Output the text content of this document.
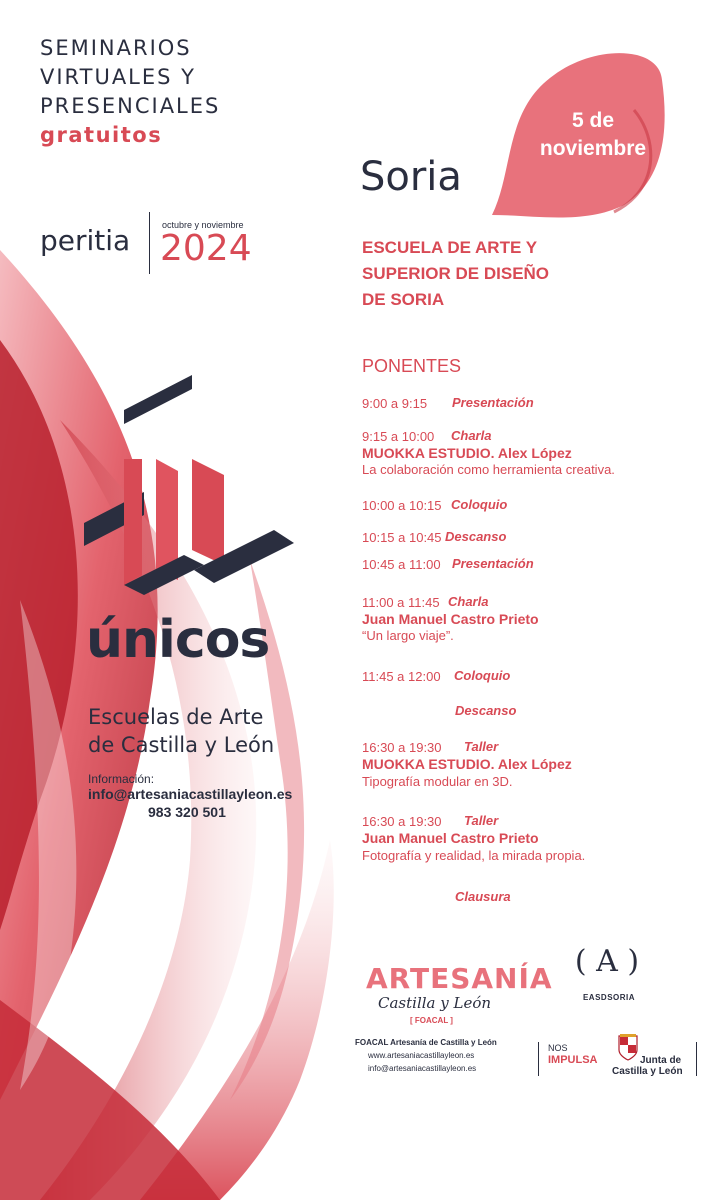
SEMINARIOS
VIRTUALES Y
PRESENCIALES
gratuitos
peritia	octubre y noviembre
2024
5 de noviembre
Soria
ESCUELA DE ARTE Y
SUPERIOR DE DISEÑO
DE SORIA
PONENTES
9:00 a 9:15 Presentación
9:15 a 10:00 Charla
MUOKKA ESTUDIO. Alex López
La colaboración como herramienta creativa.
10:00 a 10:15 Coloquio
10:15 a 10:45 Descanso
10:45 a 11:00 Presentación
11:00 a 11:45 Charla
Juan Manuel Castro Prieto
“Un largo viaje”.
11:45 a 12:00 Coloquio
Descanso
16:30 a 19:30 Taller
MUOKKA ESTUDIO. Alex López
Tipografía modular en 3D.
16:30 a 19:30 Taller
Juan Manuel Castro Prieto
Fotografía y realidad, la mirada propia.
Clausura
únicos
Escuelas de Arte
de Castilla y León
Información:
info@artesaniacastillayleon.es
983 320 501
ARTESANÍA
Castilla y León
[ FOACAL ]
FOACAL Artesanía de Castilla y León
www.artesaniacastillayleon.es
info@artesaniacastillayleon.es
( A )
EASDSORIA
NOS
IMPULSA	Junta de
Castilla y León
